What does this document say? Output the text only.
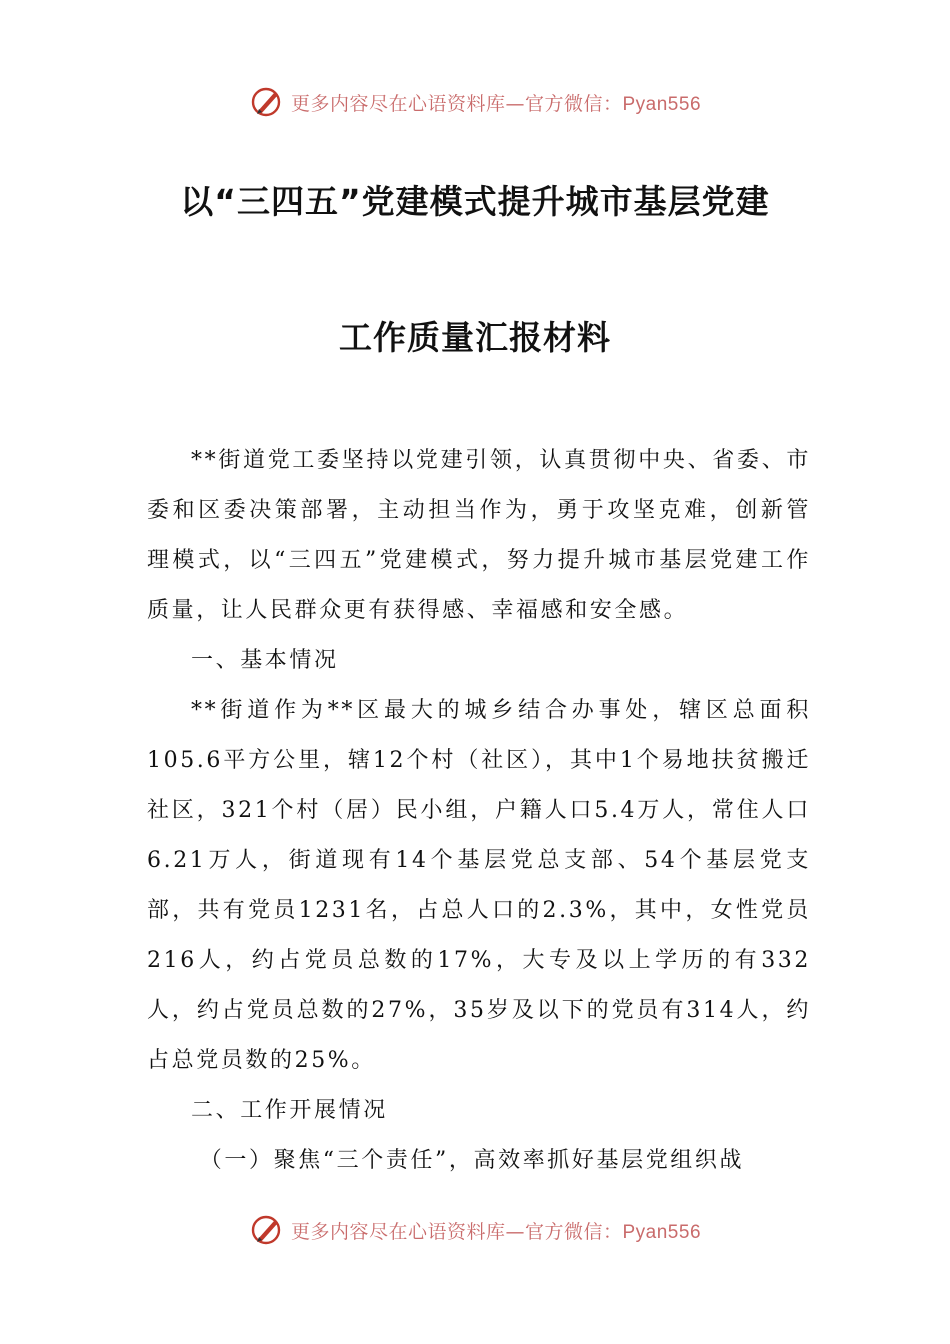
更多内容尽在心语资料库—官方微信：Pyan556
以“三四五”党建模式提升城市基层党建
工作质量汇报材料

**街道党工委坚持以党建引领，认真贯彻中央、省委、市委和区委决策部署，主动担当作为，勇于攻坚克难，创新管理模式，以“三四五”党建模式，努力提升城市基层党建工作质量，让人民群众更有获得感、幸福感和安全感。

一、基本情况

**街道作为**区最大的城乡结合办事处，辖区总面积105.6平方公里，辖12个村（社区），其中1个易地扶贫搬迁社区，321个村（居）民小组，户籍人口5.4万人，常住人口6.21万人，街道现有14个基层党总支部、54个基层党支部，共有党员1231名，占总人口的2.3%，其中，女性党员216人，约占党员总数的17%，大专及以上学历的有332人，约占党员总数的27%，35岁及以下的党员有314人，约占总党员数的25%。

二、工作开展情况

（一）聚焦“三个责任”，高效率抓好基层党组织战

更多内容尽在心语资料库—官方微信：Pyan556
